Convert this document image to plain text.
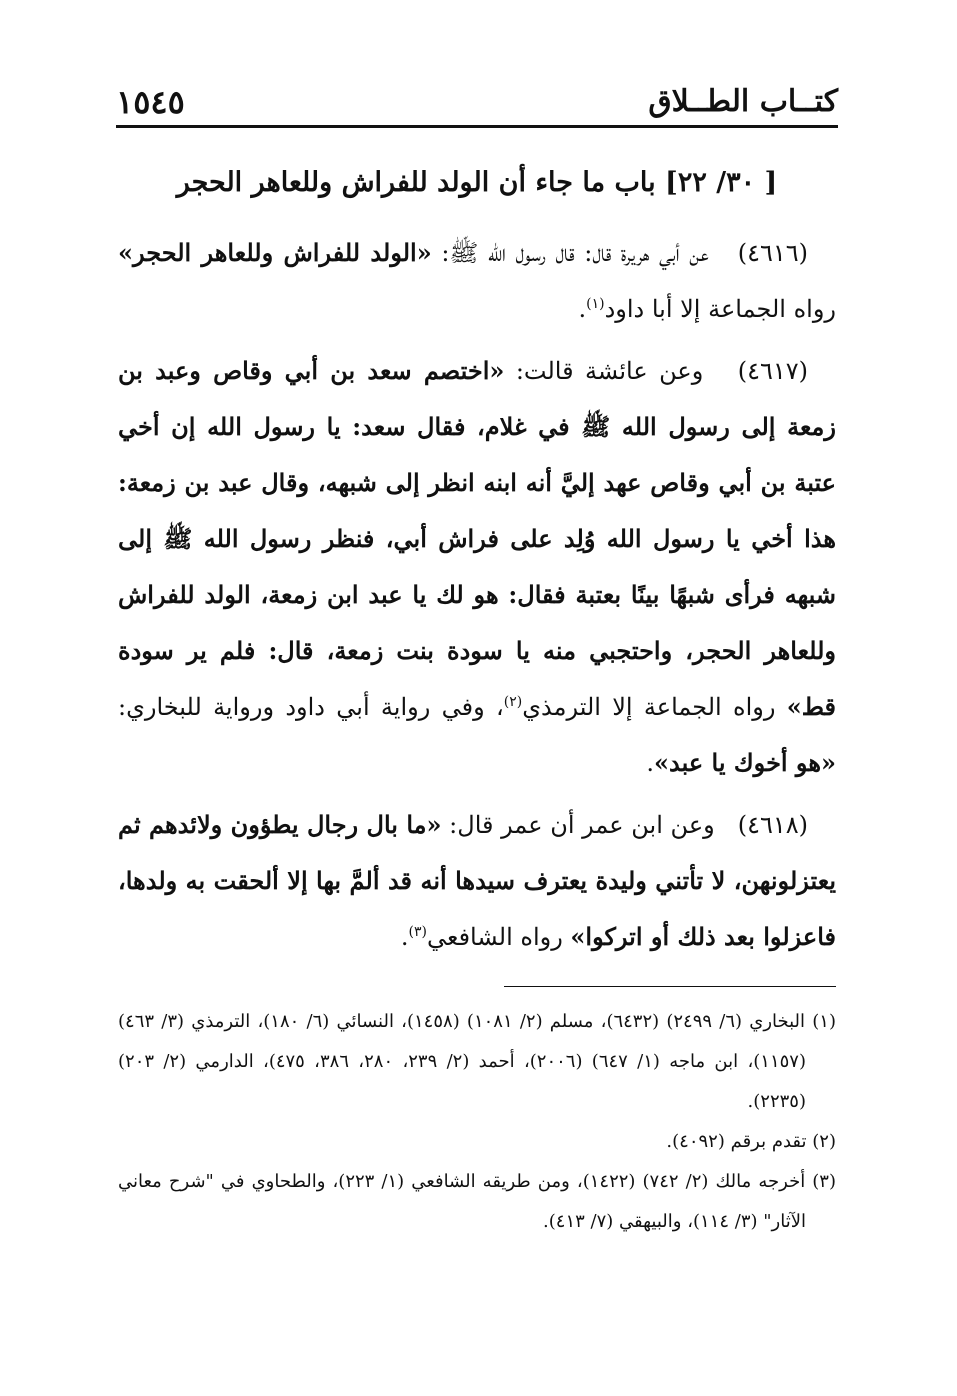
كتــاب الطــلاق
١٥٤٥
[ ٣٠/ ٢٢] باب ما جاء أن الولد للفراش وللعاهر الحجر

(٤٦١٦)   عن أبي هريرة قال: قال رسول الله ﷺ: «الولد للفراش وللعاهر الحجر» رواه الجماعة إلا أبا داود$^{(١)}$.

(٤٦١٧)   وعن عائشة قالت: «اختصم سعد بن أبي وقاص وعبد بن زمعة إلى رسول الله ﷺ في غلام، فقال سعد: يا رسول الله إن أخي عتبة بن أبي وقاص عهد إليَّ أنه ابنه انظر إلى شبهه، وقال عبد بن زمعة: هذا أخي يا رسول الله وُلِد على فراش أبي، فنظر رسول الله ﷺ إلى شبهه فرأى شبهًا بينًا بعتبة فقال: هو لك يا عبد ابن زمعة، الولد للفراش وللعاهر الحجر، واحتجبي منه يا سودة بنت زمعة، قال: فلم ير سودة قط» رواه الجماعة إلا الترمذي$^{(٢)}$، وفي رواية أبي داود ورواية للبخاري: «هو أخوك يا عبد».

(٤٦١٨)   وعن ابن عمر أن عمر قال: «ما بال رجال يطؤون ولائدهم ثم يعتزلونهن، لا تأتني وليدة يعترف سيدها أنه قد ألمَّ بها إلا ألحقت به ولدها، فاعزلوا بعد ذلك أو اتركوا» رواه الشافعي$^{(٣)}$.

(١) البخاري (٦/ ٢٤٩٩) (٦٤٣٢)، مسلم (٢/ ١٠٨١) (١٤٥٨)، النسائي (٦/ ١٨٠)، الترمذي (٣/ ٤٦٣) (١١٥٧)، ابن ماجه (١/ ٦٤٧) (٢٠٠٦)، أحمد (٢/ ٢٣٩، ٢٨٠، ٣٨٦، ٤٧٥)، الدارمي (٢/ ٢٠٣) (٢٢٣٥).

(٢) تقدم برقم (٤٠٩٢).

(٣) أخرجه مالك (٢/ ٧٤٢) (١٤٢٢)، ومن طريقه الشافعي (١/ ٢٢٣)، والطحاوي في "شرح معاني الآثار" (٣/ ١١٤)، والبيهقي (٧/ ٤١٣).
